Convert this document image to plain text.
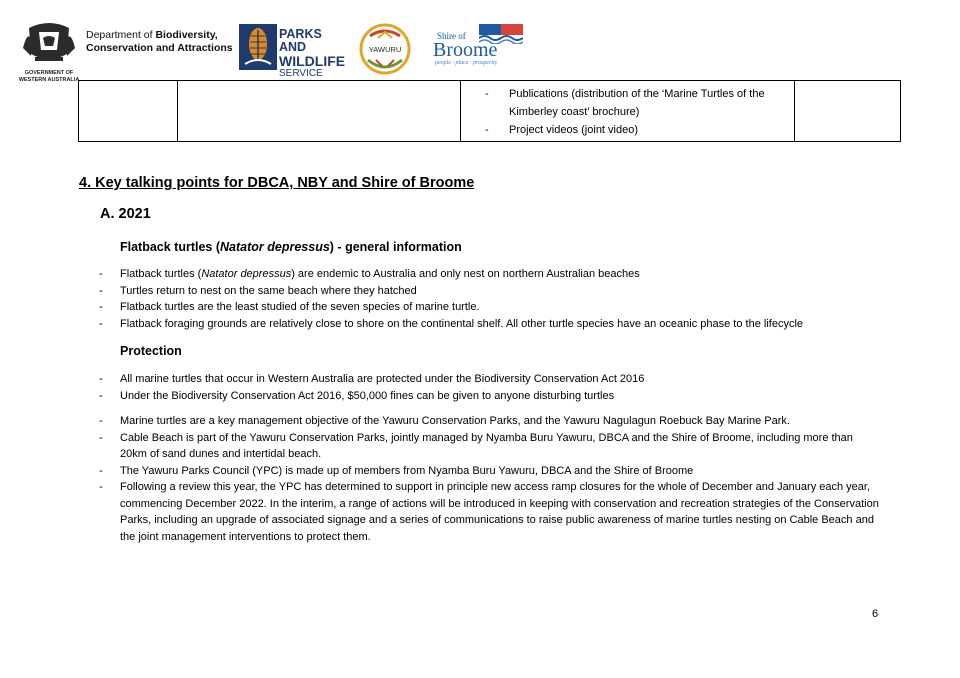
GOVERNMENT OF
WESTERN AUSTRALIA
Department of Biodiversity,
Conservation and Attractions
PARKS AND
WILDLIFE
SERVICE
YAWURU
Shire of
Broome
people · place · prosperity

- Publications (distribution of the ‘Marine Turtles of the Kimberley coast’ brochure)
- Project videos (joint video)

4. Key talking points for DBCA, NBY and Shire of Broome
A. 2021
Flatback turtles (Natator depressus) - general information
- Flatback turtles (Natator depressus) are endemic to Australia and only nest on northern Australian beaches
- Turtles return to nest on the same beach where they hatched
- Flatback turtles are the least studied of the seven species of marine turtle.
- Flatback foraging grounds are relatively close to shore on the continental shelf. All other turtle species have an oceanic phase to the lifecycle
Protection
- All marine turtles that occur in Western Australia are protected under the Biodiversity Conservation Act 2016
- Under the Biodiversity Conservation Act 2016, $50,000 fines can be given to anyone disturbing turtles
- Marine turtles are a key management objective of the Yawuru Conservation Parks, and the Yawuru Nagulagun Roebuck Bay Marine Park.
- Cable Beach is part of the Yawuru Conservation Parks, jointly managed by Nyamba Buru Yawuru, DBCA and the Shire of Broome, including more than 20km of sand dunes and intertidal beach.
- The Yawuru Parks Council (YPC) is made up of members from Nyamba Buru Yawuru, DBCA and the Shire of Broome
- Following a review this year, the YPC has determined to support in principle new access ramp closures for the whole of December and January each year, commencing December 2022. In the interim, a range of actions will be introduced in keeping with conservation and recreation strategies of the Conservation Parks, including an upgrade of associated signage and a series of communications to raise public awareness of marine turtles nesting on Cable Beach and the joint management interventions to protect them.
6
